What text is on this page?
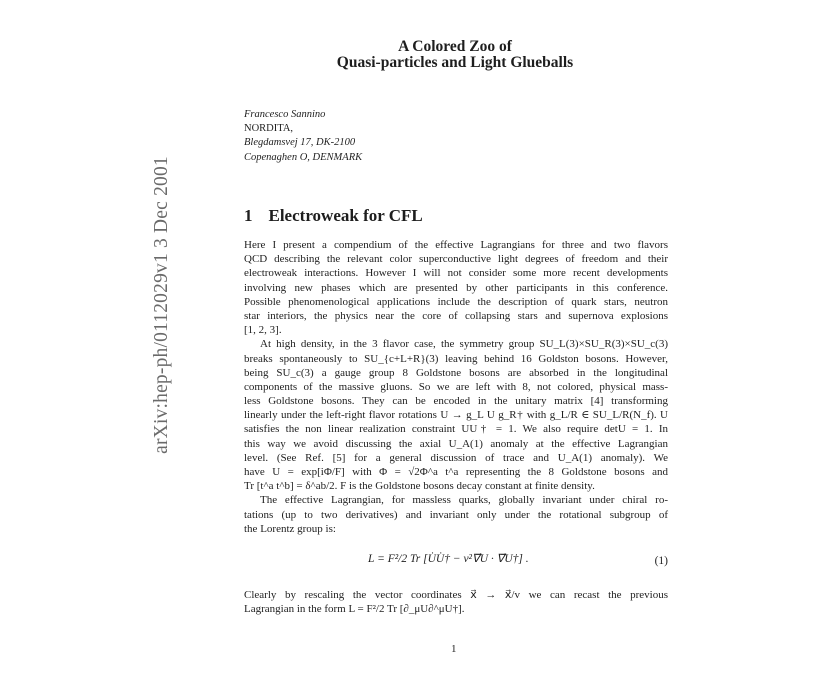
arXiv:hep-ph/0112029v1 3 Dec 2001
A Colored Zoo of
Quasi-particles and Light Glueballs
Francesco Sannino
NORDITA,
Blegdamsvej 17, DK-2100
Copenaghen O, DENMARK
1 Electroweak for CFL
Here I present a compendium of the effective Lagrangians for three and two flavors
QCD describing the relevant color superconductive light degrees of freedom and their
electroweak interactions. However I will not consider some more recent developments
involving new phases which are presented by other participants in this conference.
Possible phenomenological applications include the description of quark stars, neutron
star interiors, the physics near the core of collapsing stars and supernova explosions
[1, 2, 3].
At high density, in the 3 flavor case, the symmetry group SU_L(3)×SU_R(3)×SU_c(3)
breaks spontaneously to SU_{c+L+R}(3) leaving behind 16 Goldston bosons. However,
being SU_c(3) a gauge group 8 Goldstone bosons are absorbed in the longitudinal
components of the massive gluons. So we are left with 8, not colored, physical mass-
less Goldstone bosons. They can be encoded in the unitary matrix [4] transforming
linearly under the left-right flavor rotations U → g_L U g_R† with g_L/R ∈ SU_L/R(N_f). U
satisfies the non linear realization constraint UU† = 1. We also require detU = 1. In
this way we avoid discussing the axial U_A(1) anomaly at the effective Lagrangian
level. (See Ref. [5] for a general discussion of trace and U_A(1) anomaly). We
have U = exp[iΦ/F] with Φ = √2Φ^a t^a representing the 8 Goldstone bosons and
Tr [t^a t^b] = δ^ab/2. F is the Goldstone bosons decay constant at finite density.
The effective Lagrangian, for massless quarks, globally invariant under chiral ro-
tations (up to two derivatives) and invariant only under the rotational subgroup of
the Lorentz group is:
L = F²/2 Tr [U̇U̇† − v²∇⃗U · ∇⃗U†] .	(1)
Clearly by rescaling the vector coordinates x⃗ → x⃗/v we can recast the previous
Lagrangian in the form L = F²/2 Tr [∂_μU∂^μU†].
1
